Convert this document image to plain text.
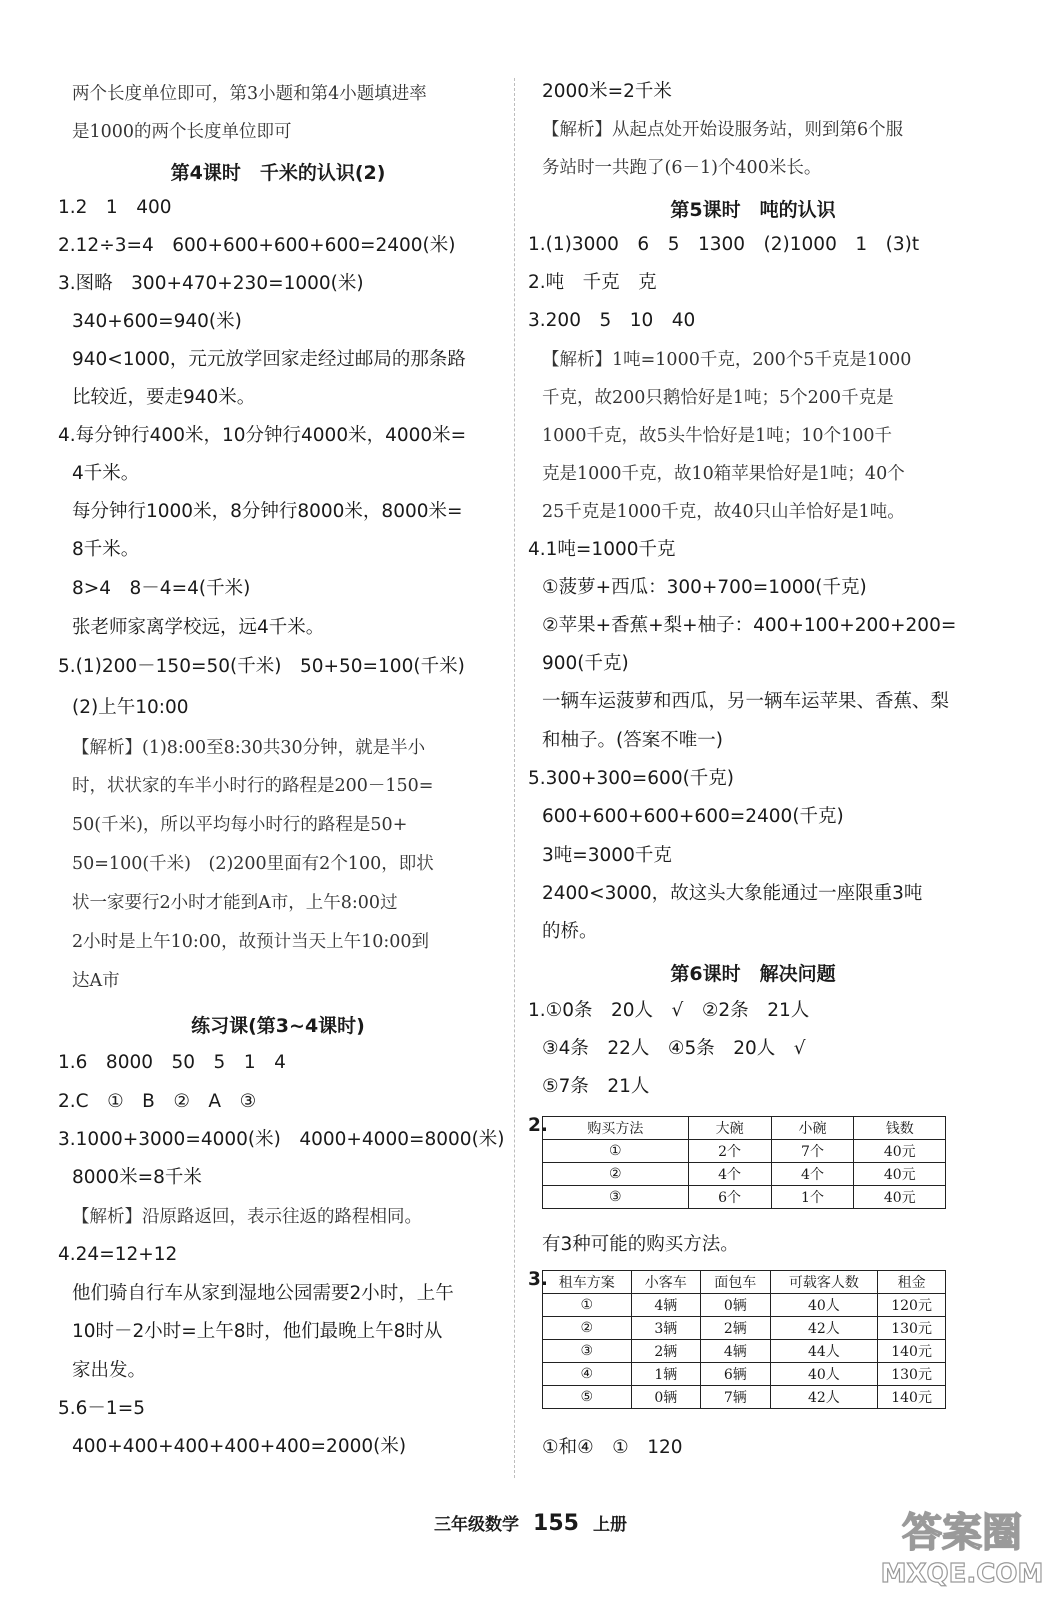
两个长度单位即可，第3小题和第4小题填进率
是1000的两个长度单位即可
第4课时　千米的认识(2)
1.2　1　400
2.12÷3=4　600+600+600+600=2400(米)
3.图略　300+470+230=1000(米)
340+600=940(米)
940<1000，元元放学回家走经过邮局的那条路
比较近，要走940米。
4.每分钟行400米，10分钟行4000米，4000米=
4千米。
每分钟行1000米，8分钟行8000米，8000米=
8千米。
8>4　8－4=4(千米)
张老师家离学校远，远4千米。
5.(1)200－150=50(千米)　50+50=100(千米)
(2)上午10:00
【解析】(1)8:00至8:30共30分钟，就是半小
时，状状家的车半小时行的路程是200－150=
50(千米)，所以平均每小时行的路程是50+
50=100(千米)　(2)200里面有2个100，即状
状一家要行2小时才能到A市，上午8:00过
2小时是上午10:00，故预计当天上午10:00到
达A市
练习课(第3~4课时)
1.6　8000　50　5　1　4
2.C　①　B　②　A　③
3.1000+3000=4000(米)　4000+4000=8000(米)
8000米=8千米
【解析】沿原路返回，表示往返的路程相同。
4.24=12+12
他们骑自行车从家到湿地公园需要2小时，上午
10时－2小时=上午8时，他们最晚上午8时从
家出发。
5.6－1=5
400+400+400+400+400=2000(米)
2000米=2千米
【解析】从起点处开始设服务站，则到第6个服
务站时一共跑了(6－1)个400米长。
第5课时　吨的认识
1.(1)3000　6　5　1300　(2)1000　1　(3)t
2.吨　千克　克
3.200　5　10　40
【解析】1吨=1000千克，200个5千克是1000
千克，故200只鹅恰好是1吨；5个200千克是
1000千克，故5头牛恰好是1吨；10个100千
克是1000千克，故10箱苹果恰好是1吨；40个
25千克是1000千克，故40只山羊恰好是1吨。
4.1吨=1000千克
①菠萝+西瓜：300+700=1000(千克)
②苹果+香蕉+梨+柚子：400+100+200+200=
900(千克)
一辆车运菠萝和西瓜，另一辆车运苹果、香蕉、梨
和柚子。(答案不唯一)
5.300+300=600(千克)
600+600+600+600=2400(千克)
3吨=3000千克
2400<3000，故这头大象能通过一座限重3吨
的桥。
第6课时　解决问题
1.①0条　20人　√　②2条　21人
③4条　22人　④5条　20人　√
⑤7条　21人
2.	购买方法	大碗	小碗	钱数
①	2个	7个	40元
②	4个	4个	40元
③	6个	1个	40元
有3种可能的购买方法。
3. 租车方案	小客车	面包车	可载客人数	租金
①	4辆	0辆	40人	120元
②	3辆	2辆	42人	130元
③	2辆	4辆	44人	140元
④	1辆	6辆	40人	130元
⑤	0辆	7辆	42人	140元
①和④　①　120
三年级数学 155 上册	答案圈
MXQE.COM
